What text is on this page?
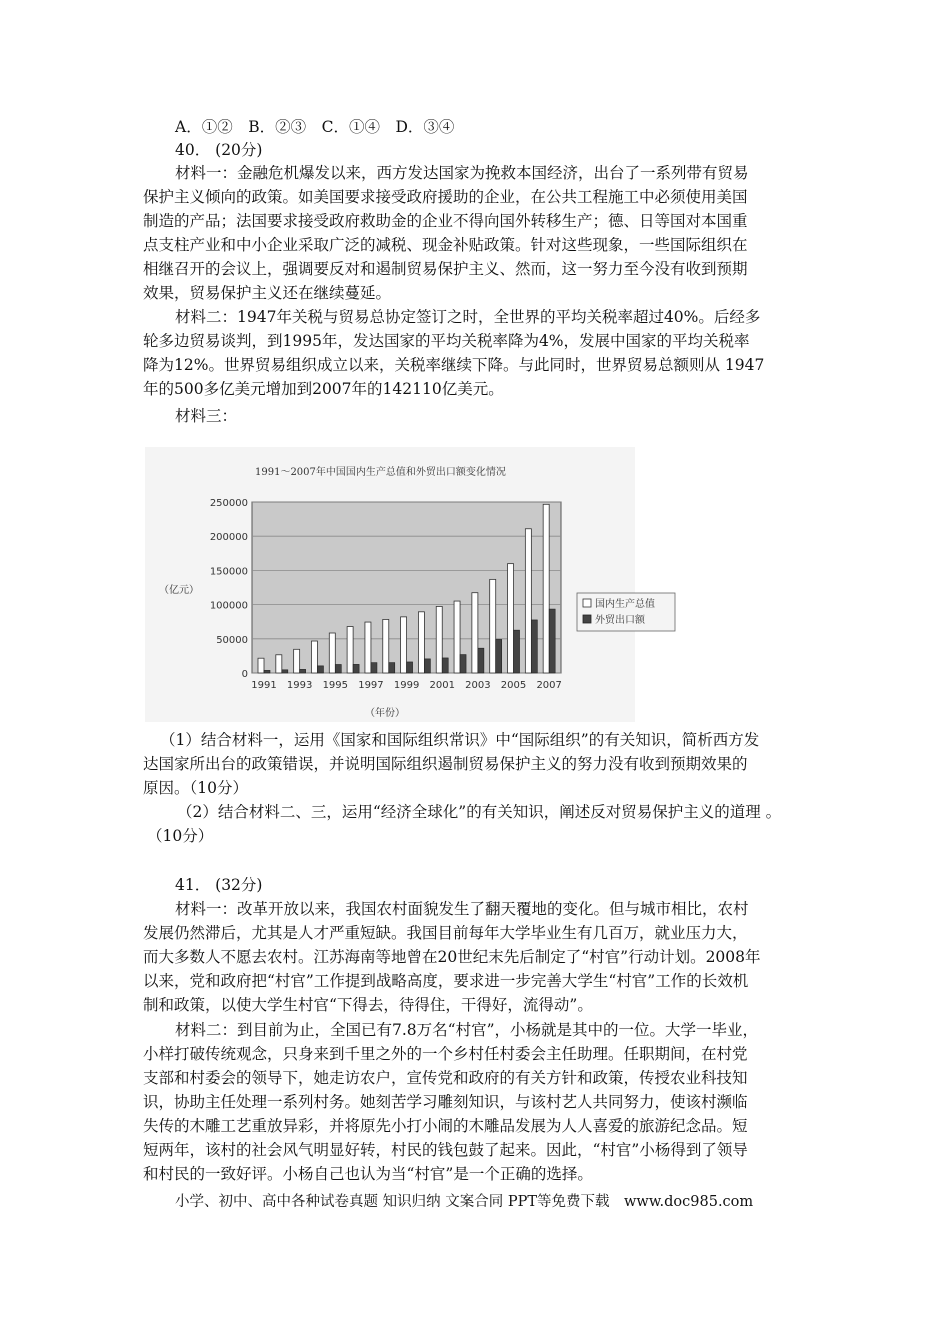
A．①②　B．②③　C．①④　D．③④
40． (20分)
材料一：金融危机爆发以来，西方发达国家为挽救本国经济，出台了一系列带有贸易
保护主义倾向的政策。如美国要求接受政府援助的企业，在公共工程施工中必须使用美国
制造的产品；法国要求接受政府救助金的企业不得向国外转移生产；德、日等国对本国重
点支柱产业和中小企业采取广泛的减税、现金补贴政策。针对这些现象，一些国际组织在
相继召开的会议上，强调要反对和遏制贸易保护主义、然而，这一努力至今没有收到预期
效果，贸易保护主义还在继续蔓延。
材料二：1947年关税与贸易总协定签订之时，全世界的平均关税率超过40%。后经多
轮多边贸易谈判，到1995年，发达国家的平均关税率降为4%，发展中国家的平均关税率
降为12%。世界贸易组织成立以来，关税率继续下降。与此同时，世界贸易总额则从 1947
年的500多亿美元增加到2007年的142110亿美元。
材料三：
1991～2007年中国国内生产总值和外贸出口额变化情况
250000
200000
150000
100000
50000
0
（亿元）
1991 1993 1995 1997 1999 2001 2003 2005 2007
（年份）
国内生产总值
外贸出口额
（1）结合材料一，运用《国家和国际组织常识》中“国际组织”的有关知识，简析西方发
达国家所出台的政策错误，并说明国际组织遏制贸易保护主义的努力没有收到预期效果的
原因。（10分）
（2）结合材料二、三，运用“经济全球化”的有关知识，阐述反对贸易保护主义的道理 。
（10分）
41． (32分)
材料一：改革开放以来，我国农村面貌发生了翻天覆地的变化。但与城市相比，农村
发展仍然滞后，尤其是人才严重短缺。我国目前每年大学毕业生有几百万，就业压力大，
而大多数人不愿去农村。江苏海南等地曾在20世纪末先后制定了“村官”行动计划。2008年
以来，党和政府把“村官”工作提到战略高度，要求进一步完善大学生“村官”工作的长效机
制和政策，以使大学生村官“下得去，待得住，干得好，流得动”。
材料二：到目前为止，全国已有7.8万名“村官”，小杨就是其中的一位。大学一毕业，
小样打破传统观念，只身来到千里之外的一个乡村任村委会主任助理。任职期间，在村党
支部和村委会的领导下，她走访农户，宣传党和政府的有关方针和政策，传授农业科技知
识，协助主任处理一系列村务。她刻苦学习雕刻知识，与该村艺人共同努力，使该村濒临
失传的木雕工艺重放异彩，并将原先小打小闹的木雕品发展为人人喜爱的旅游纪念品。短
短两年，该村的社会风气明显好转，村民的钱包鼓了起来。因此，“村官”小杨得到了领导
和村民的一致好评。小杨自己也认为当“村官”是一个正确的选择。
小学、初中、高中各种试卷真题 知识归纳 文案合同 PPT等免费下载　www.doc985.com
